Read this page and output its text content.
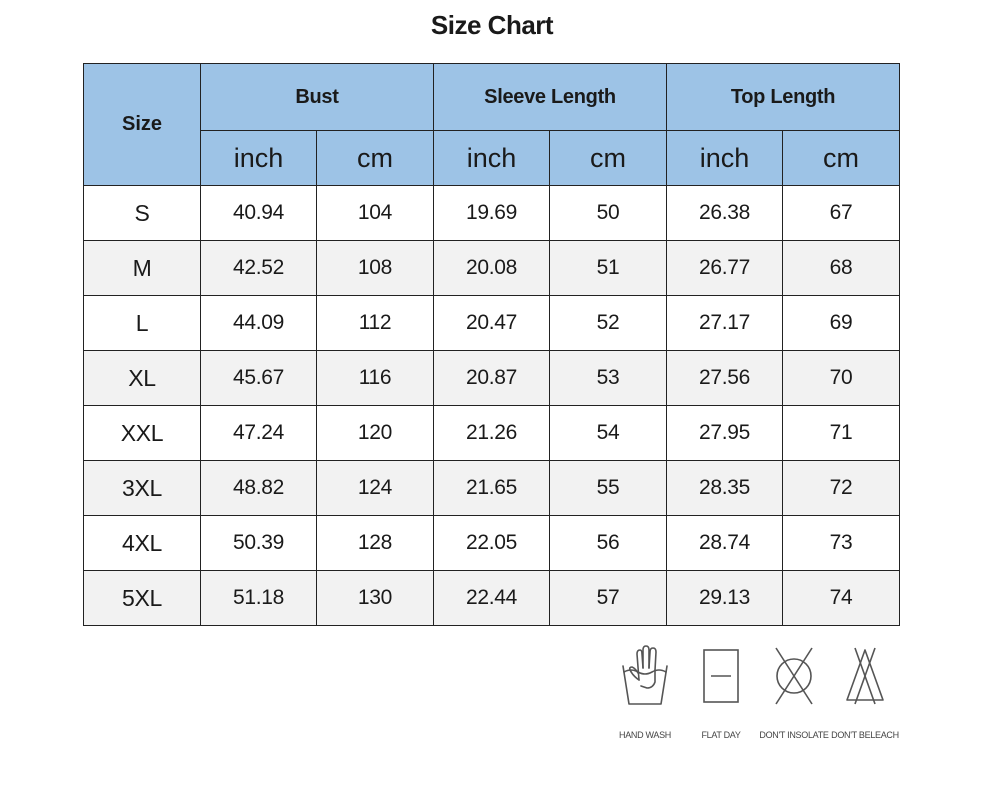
Size Chart
Size	Bust		Sleeve Length		Top Length	
	inch	cm	inch	cm	inch	cm
S	40.94	104	19.69	50	26.38	67
M	42.52	108	20.08	51	26.77	68
L	44.09	112	20.47	52	27.17	69
XL	45.67	116	20.87	53	27.56	70
XXL	47.24	120	21.26	54	27.95	71
3XL	48.82	124	21.65	55	28.35	72
4XL	50.39	128	22.05	56	28.74	73
5XL	51.18	130	22.44	57	29.13	74
HAND WASH	FLAT DAY	DON'T INSOLATE DON'T BELEACH
